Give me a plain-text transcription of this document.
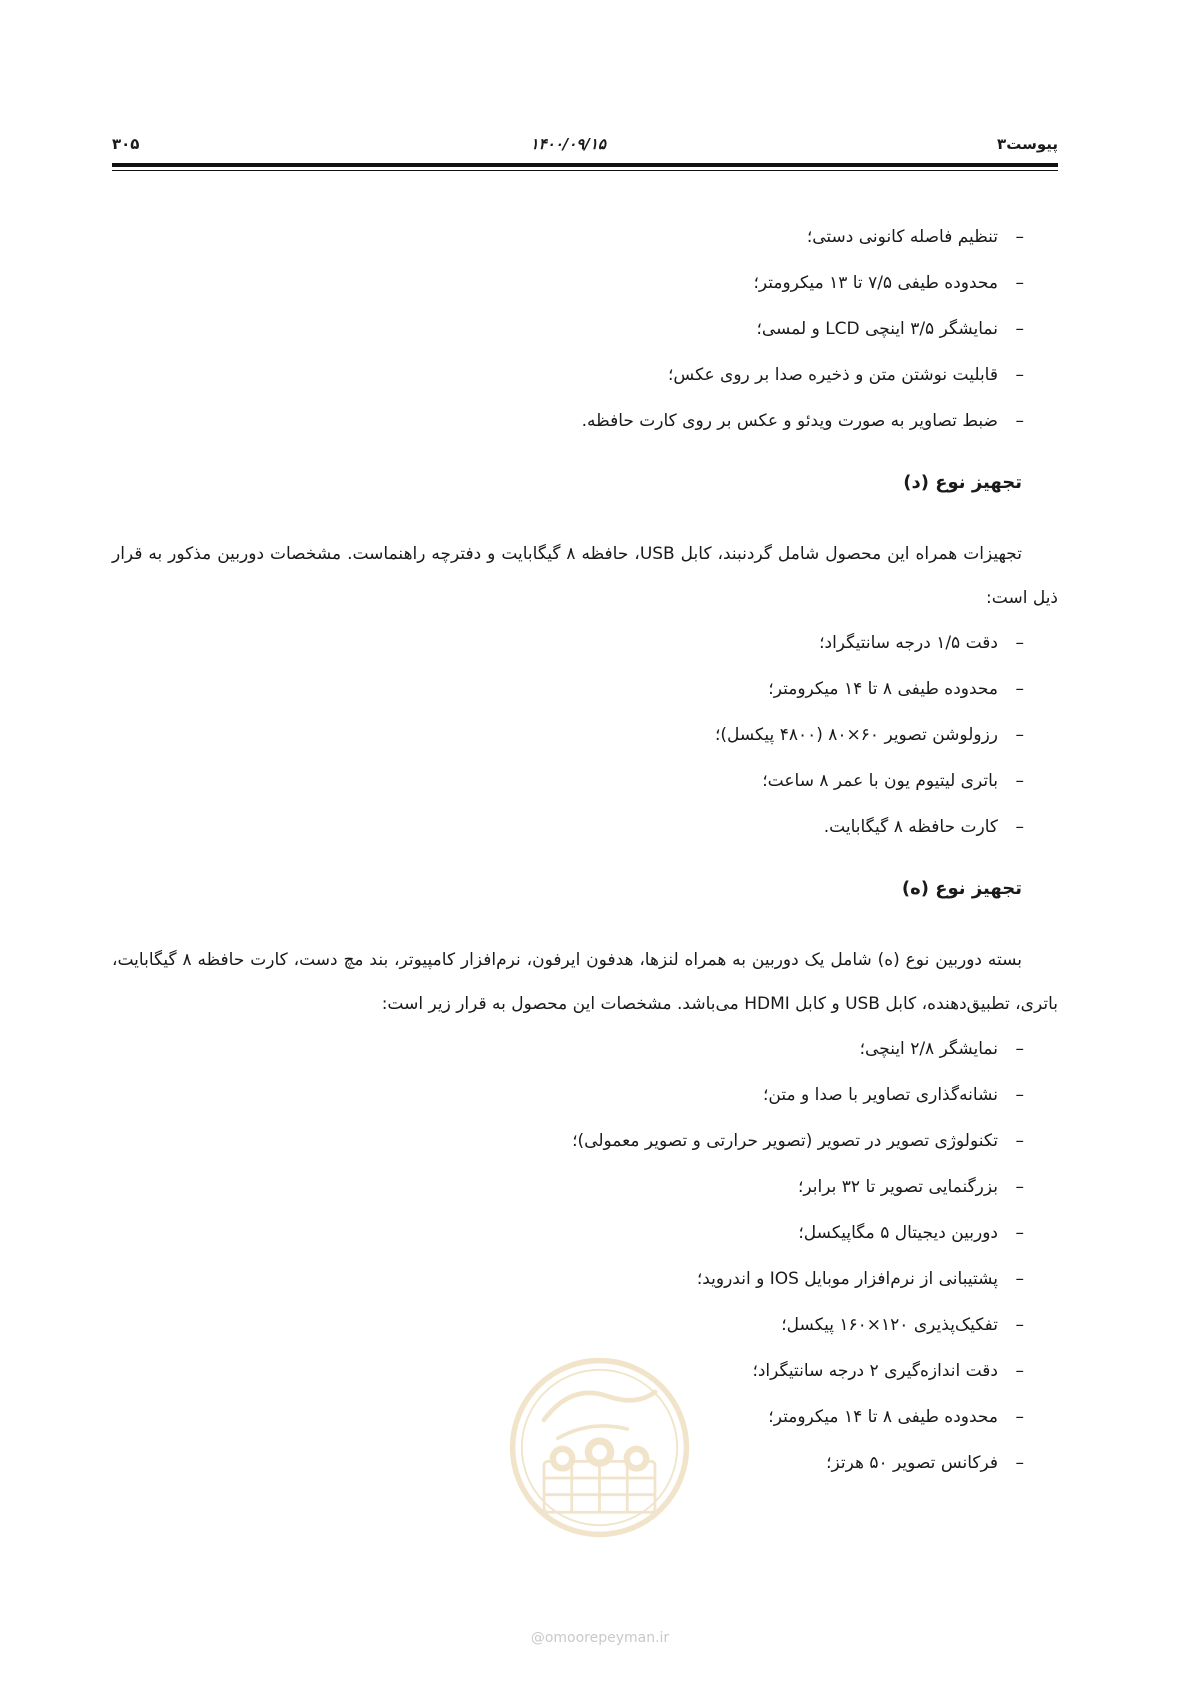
پیوست۳
۱۴۰۰/۰۹/۱۵
۳۰۵
–
تنظیم فاصله کانونی دستی؛
–
محدوده طیفی ۷/۵ تا ۱۳ میکرومتر؛
–
نمایشگر ۳/۵ اینچی LCD و لمسی؛
–
قابلیت نوشتن متن و ذخیره صدا بر روی عکس؛
–
ضبط تصاویر به صورت ویدئو و عکس بر روی کارت حافظه.
تجهیز نوع (د)

تجهیزات همراه این محصول شامل گردنبند، کابل USB، حافظه ۸ گیگابایت و دفترچه راهنماست. مشخصات دوربین مذکور به قرار ذیل است:

–
دقت ۱/۵ درجه سانتیگراد؛
–
محدوده طیفی ۸ تا ۱۴ میکرومتر؛
–
رزولوشن تصویر ۶۰×۸۰ (۴۸۰۰ پیکسل)؛
–
باتری لیتیوم یون با عمر ۸ ساعت؛
–
کارت حافظه ۸ گیگابایت.
تجهیز نوع (ه)

بسته دوربین نوع (ه) شامل یک دوربین به همراه لنزها، هدفون ایرفون، نرم‌افزار کامپیوتر، بند مچ دست، کارت حافظه ۸ گیگابایت، باتری، تطبیق‌دهنده، کابل USB و کابل HDMI می‌باشد. مشخصات این محصول به قرار زیر است:

–
نمایشگر ۲/۸ اینچی؛
–
نشانه‌گذاری تصاویر با صدا و متن؛
–
تکنولوژی تصویر در تصویر (تصویر حرارتی و تصویر معمولی)؛
–
بزرگنمایی تصویر تا ۳۲ برابر؛
–
دوربین دیجیتال ۵ مگاپیکسل؛
–
پشتیبانی از نرم‌افزار موبایل IOS و اندروید؛
–
تفکیک‌پذیری ۱۲۰×۱۶۰ پیکسل؛
–
دقت اندازه‌گیری ۲ درجه سانتیگراد؛
–
محدوده طیفی ۸ تا ۱۴ میکرومتر؛
–
فرکانس تصویر ۵۰ هرتز؛
@omoorepeyman.ir
